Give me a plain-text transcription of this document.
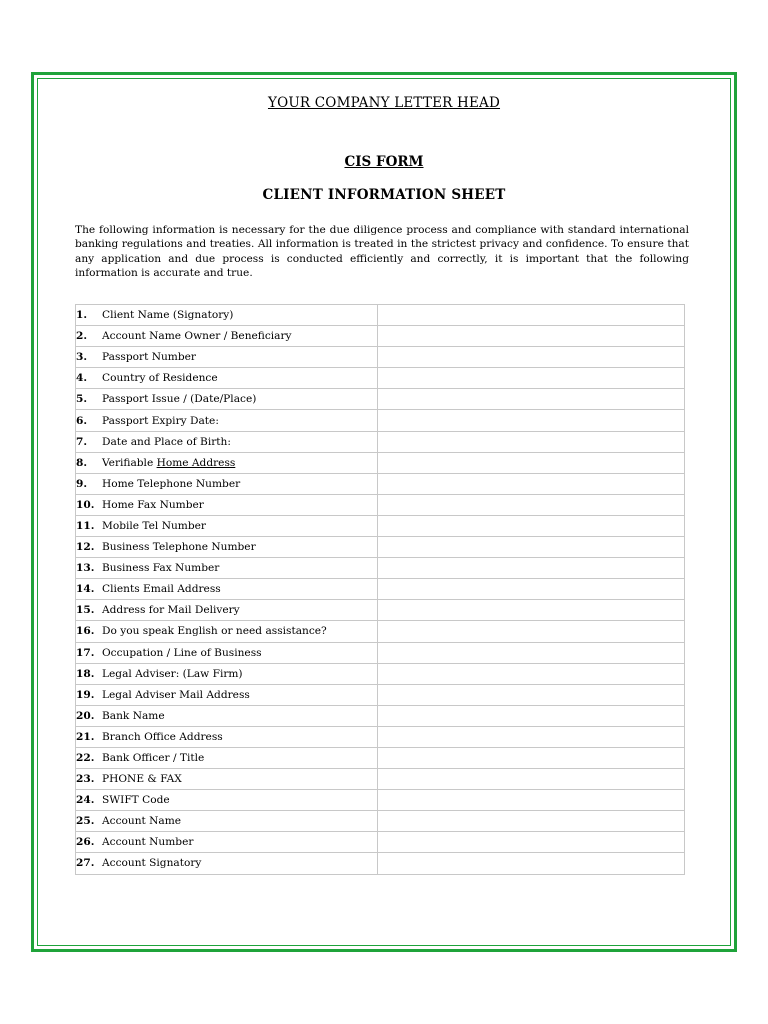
YOUR COMPANY LETTER HEAD
CIS FORM
CLIENT INFORMATION SHEET

The following information is necessary for the due diligence process and compliance with standard international banking regulations and treaties. All information is treated in the strictest privacy and confidence. To ensure that any application and due process is conducted efficiently and correctly, it is important that the following information is accurate and true.

1. Client Name (Signatory)	
2. Account Name Owner / Beneficiary	
3. Passport Number	
4. Country of Residence	
5. Passport Issue / (Date/Place)	
6. Passport Expiry Date:	
7. Date and Place of Birth:	
8. Verifiable Home Address	
9. Home Telephone Number	
10. Home Fax Number	
11. Mobile Tel Number	
12. Business Telephone Number	
13. Business Fax Number	
14. Clients Email Address	
15. Address for Mail Delivery	
16. Do you speak English or need assistance?	
17. Occupation / Line of Business	
18. Legal Adviser: (Law Firm)	
19. Legal Adviser Mail Address	
20. Bank Name	
21. Branch Office Address	
22. Bank Officer / Title	
23. PHONE & FAX	
24. SWIFT Code	
25. Account Name	
26. Account Number	
27. Account Signatory	
